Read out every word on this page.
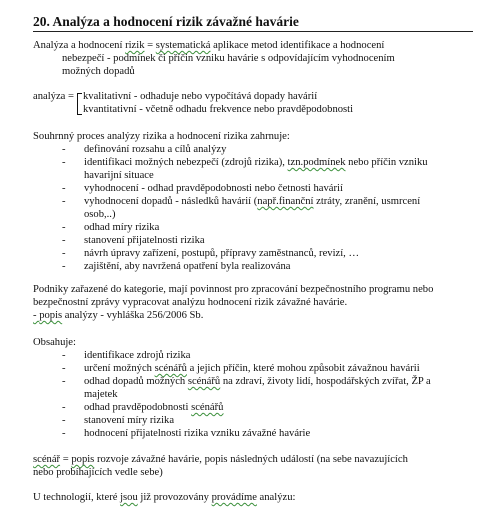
20. Analýza a hodnocení rizik závažné havárie
Analýza a hodnocení rizik = systematická aplikace metod identifikace a hodnocení
nebezpečí - podmínek či příčin vzniku havárie s odpovídajícím vyhodnocením
možných dopadů
analýza = kvalitativní - odhaduje nebo vypočítává dopady havárií
kvantitativní - včetně odhadu frekvence nebo pravděpodobnosti
Souhrnný proces analýzy rizika a hodnocení rizika zahrnuje:
- definování rozsahu a cílů analýzy
- identifikaci možných nebezpečí (zdrojů rizika), tzn.podmínek nebo příčin vzniku
havarijní situace
- vyhodnocení - odhad pravděpodobnosti nebo četnosti havárií
- vyhodnocení dopadů - následků havárií (např.finanční ztráty, zranění, usmrcení
osob,..)
- odhad míry rizika
- stanovení přijatelnosti rizika
- návrh úpravy zařízení, postupů, přípravy zaměstnanců, revizí, …
- zajištění, aby navržená opatření byla realizována
Podniky zařazené do kategorie, mají povinnost pro zpracování bezpečnostního programu nebo
bezpečnostní zprávy vypracovat analýzu hodnocení rizik závažné havárie.
- popis analýzy - vyhláška 256/2006 Sb.
Obsahuje:
- identifikace zdrojů rizika
- určení možných scénářů a jejich příčin, které mohou způsobit závažnou havárii
- odhad dopadů možných scénářů na zdraví, životy lidí, hospodářských zvířat, ŽP a
majetek
- odhad pravděpodobnosti scénářů
- stanovení míry rizika
- hodnocení přijatelnosti rizika vzniku závažné havárie
scénář = popis rozvoje závažné havárie, popis následných událostí (na sebe navazujících
nebo probíhajících vedle sebe)
U technologií, které jsou již provozovány provádíme analýzu:
